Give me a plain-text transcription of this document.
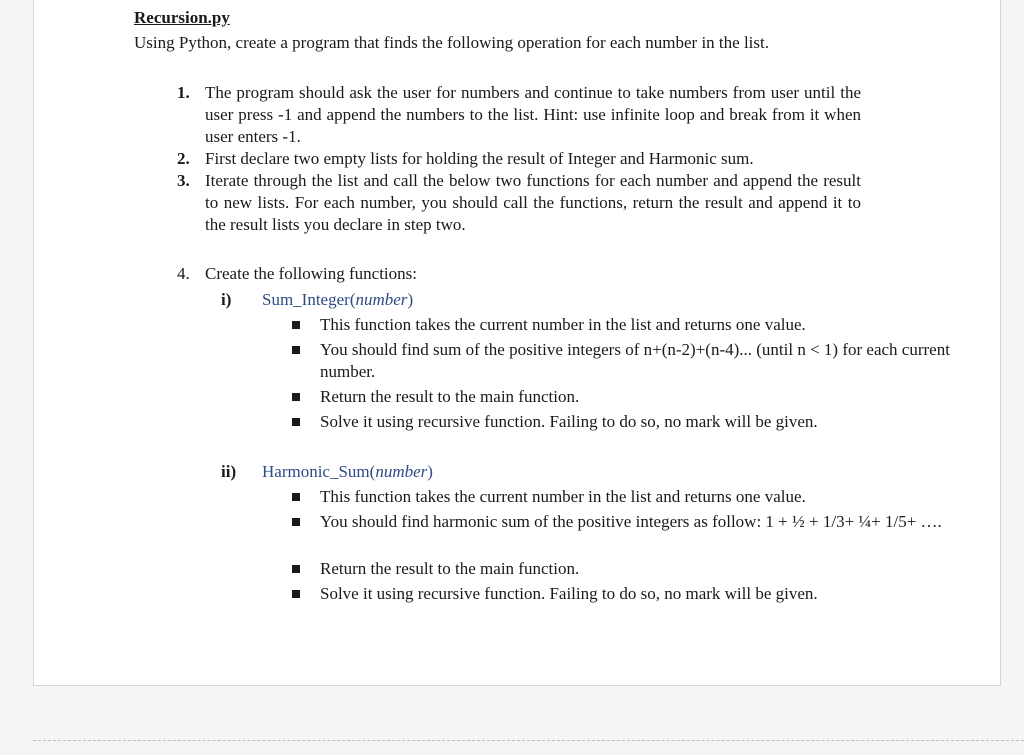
Recursion.py

Using Python, create a program that finds the following operation for each number in the list.

1. The program should ask the user for numbers and continue to take numbers from user until the user press -1 and append the numbers to the list. Hint: use infinite loop and break from it when user enters -1.

2. First declare two empty lists for holding the result of Integer and Harmonic sum.

3. Iterate through the list and call the below two functions for each number and append the result to new lists. For each number, you should call the functions, return the result and append it to the result lists you declare in step two.

4. Create the following functions:

i) Sum_Integer(number)

This function takes the current number in the list and returns one value.

You should find sum of the positive integers of n+(n-2)+(n-4)... (until n < 1) for each current number.

Return the result to the main function.

Solve it using recursive function. Failing to do so, no mark will be given.

ii) Harmonic_Sum(number)

This function takes the current number in the list and returns one value.

You should find harmonic sum of the positive integers as follow: 1 + ½ + 1/3+ ¼+ 1/5+ ….

Return the result to the main function.

Solve it using recursive function. Failing to do so, no mark will be given.
